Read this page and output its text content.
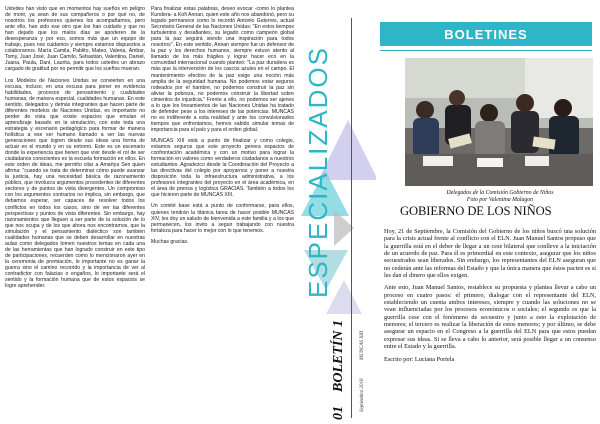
Ustedes han visto que en momentos hay sueños en peligro de morir, ya sean de sus compañeros o por qué no, de nosotros los profesores quienes los acompañamos, pero ante ello, han sido ese otro que los han cuidado y que no han dejado que los malos días se apoderen de la desesperanza y por eso, somos más que un equipo de trabajo, pues nos cuidamos y siempre estamos dispuestos a colaborarnos. María Camila, Pablito, Mateo, Valeria, Ámbar, Tomy, Juan José, Juan Camilo, Sebastián, Valentina, Daniel, Juana, Paula, Dani, Laurita, para todos ustedes un abrazo cargado de gratitud por no permitir que los sueños mueran.

Los Modelos de Naciones Unidas se convierten en una excusa, incluso, en una excusa para poner en evidencia habilidades, procesos de pensamiento y cualidades humanas, de manera especial, cualidades humanas. En este sentido, delegados y demás integrantes que hacen parte de diferentes modelos de Naciones Unidas, es importante no perder de vista que existe espacios que emulan el aprendizaje basado en la simulación, con este toda una estrategia y escenario pedagógico para formar de manera holística a ese ser humano llamado a ser las nuevas generaciones que logren desde sus ideas una forma de actuar en el mundo y en su entorno. Este es un escenario donde la experiencia que tienen que vivir desde el rol de ser ciudadanos conscientes es la escuela formación en ellos. En este orden de ideas, me permito citar a Amartya Sen quien afirma: "cuando se trata de determinar cómo puede avanzar la justicia, hay una necesidad básica de razonamiento público, que involucra argumentos procedentes de diferentes sectores y de puntos de vista divergentes. Un compromiso con los argumentos contrarios no implica, sin embargo, que debamos esperar, ser capaces de resolver todos los conflictos en todos los casos, sino de ver las diferentes perspectivas y puntos de vista diferentes. Sin embargo, hay razonamientos que lleguen a ser parte de la solución de lo que nos ocupa y de los que ahora nos encontramos, que la simulación y el pensamiento dialéctico son también cualidades humanas que se deben desarrollar en nuestras aulas como delegados tomen nuestros temas en cada una de las herramientas que han logrado construir en este tipo de participaciones, recuerden como lo mencionaron ayer en la ceremonia de premiación, lo importante no es ganar la guerra sino el camino recorrido y la importancia de ver al contradictor con falacias o engaños, lo importante será el sentido y la formación humana que de estos espacios se logre aprehender.

Para finalizar estas palabras, deseo evocar -como lo plantea Kundera- a Kofi Annan, quien este año nos abandonó, pero su legado permanece como lo recordó Antonio Guterres, actual Secretario General de las Naciones Unidas: "En estos tiempos turbulentos y desafiantes, su legado como campeón global para la paz seguirá siendo una inspiración para todos nosotros". En este sentido, Annan siempre fue un defensor de la paz y los derechos humanos, siempre estuvo atento al llamado de los más frágiles y lograr hacer eco en la comunidad internacional cuando planteó: "La paz duradera es más que la intervención de los cascos azules en el campo. El mantenimiento efectivo de la paz exige una noción más amplia de la seguridad humana. No podemos estar seguros rodeados por el hambre, no podemos construir la paz sin aliviar la pobreza, no podemos construir la libertad sobre cimientos de injusticia." Frente a ello, no podemos ser ajenos a lo que los lineamientos de las Naciones Unidas ha tratado de defender pese a los intereses de las potencias. MUNCAS no es indiferente a esta realidad y ante los convulsionados tiempos que enfrentamos, hemos sabido simular temas de importancia para el país y para el orden global.

MUNCAS XIII está a punto de finalizar y como colegio, estamos seguros que este proyecto genera espacios de confrontación académica y con un motivo para lograr la formación en valores como verdaderos ciudadanos a nuestros estudiantes. Agradezco desde la Coordinación del Proyecto a las directivas del colegio por apoyarnos y poner a nuestra disposición toda la infraestructura administrativa, a los profesores integrantes del proyecto en el área académica, en el área de prensa y logística GRACIAS. También a todos los que hicieron parte de MUNCAS XIII.

Un comité base está a punto de conformarse, para ellos, quienes tendrán la titánica tarea de hacer posible MUNCAS XIV, les doy un saludo de bienvenida a este familia y a los que permanecen, los invito a seguir trabajando con nuestra fortaleza para hacer lo mejor con lo que tenemos.

Muchas gracias.	ESPECIALIZADOS
BOLETÍN 1
01
Septiembre 2018
MUNCAS XIII
BOLETINES
Delegados de la Comisión Gobierno de Niños
Foto por Valentina Malagon
GOBIERNO DE LOS NIÑOS

Hoy, 21 de Septiembre, la Comisión del Gobierno de los niños buscó una solución para la crisis actual frente al conflicto con el ELN. Juan Manuel Santos propuso que la guerrilla está en el deber de llegar a un cese bilateral que conlleve a la iniciación de un acuerdo de paz. Para él es primordial en este contexto, asegurar que los niños secuestrados sean liberados. Sin embargo, los representantes del ELN aseguran que no cederán ante las reformas del Estado y que la única manera que éstos pacten es si les dan el dinero que ellos exigen.

Ante esto, Juan Manuel Santos, restablece su propuesta y plantea llevar a cabo un proceso en cuatro pasos: el primero, dialogar con el representante del ELN, estableciendo un cuenta ambos intereses, siempre y cuando las soluciones no se vean influenciadas por los procesos económicos o sociales; el segundo es que la guerrilla cese con el fenómeno de secuestro y junto a esto la explotación de menores; el tercero es realizar la liberación de estos menores; y por último, se debe asegurar un espacio en el Congreso a la guerrilla del ELN para que estos puedan expresar sus ideas. Si se lleva a cabo lo anterior, será posible llegar a un consenso entre el Estado y la guerrilla.

Escrito por: Luciana Portela
